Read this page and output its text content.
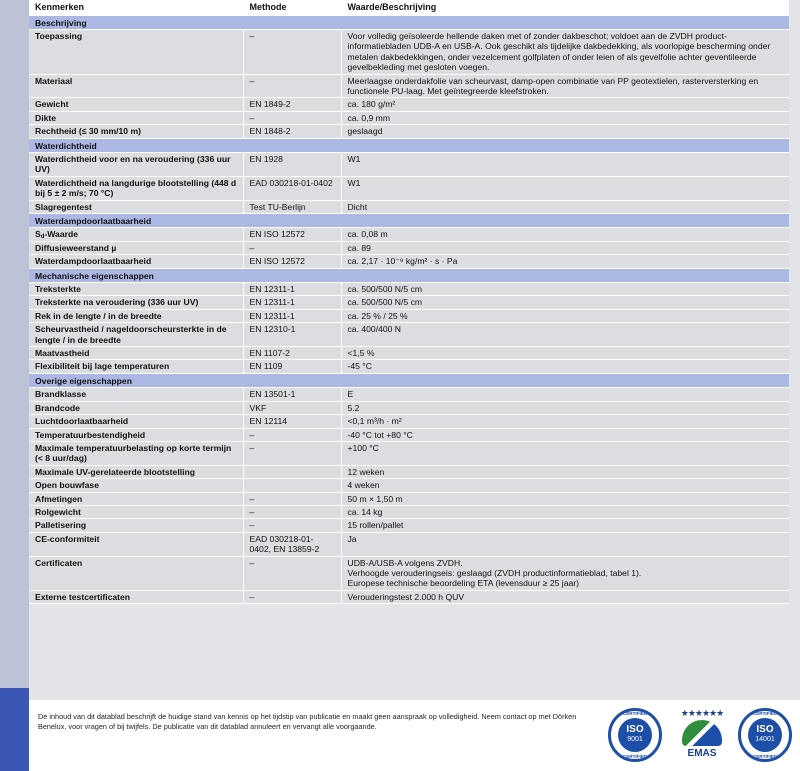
Kenmerken	Methode	Waarde/Beschrijving
Beschrijving		
Toepassing	–	Voor volledig geïsoleerde hellende daken met of zonder dakbeschot; voldoet aan de ZVDH product-informatiebladen UDB-A en USB-A. Ook geschikt als tijdelijke dakbedekking, als voorlopige bescherming onder metalen dakbedekkingen, onder vezelcement golfplaten of onder leien of als gevelfolie achter geventileerde gevelbekleding met gesloten voegen.
Materiaal	–	Meerlaagse onderdakfolie van scheurvast, damp-open combinatie van PP geotextielen, rasterversterking en functionele PU-laag. Met geïntegreerde kleefstroken.
Gewicht	EN 1849-2	ca. 180 g/m²
Dikte	–	ca. 0,9 mm
Rechtheid (≤ 30 mm/10 m)	EN 1848-2	geslaagd
Waterdichtheid		
Waterdichtheid voor en na veroudering (336 uur UV)	EN 1928	W1
Waterdichtheid na langdurige blootstelling (448 d bij 5 ± 2 m/s; 70 °C)	EAD 030218-01-0402	W1
Slagregentest	Test TU-Berlijn	Dicht
Waterdampdoorlaatbaarheid		
$S_d$-Waarde	EN ISO 12572	ca. 0,08 m
Diffusieweerstand µ	–	ca. 89
Waterdampdoorlaatbaarheid	EN ISO 12572	ca. 2,17 · 10⁻⁹ kg/m² · s · Pa
Mechanische eigenschappen		
Treksterkte	EN 12311-1	ca. 500/500 N/5 cm
Treksterkte na veroudering (336 uur UV)	EN 12311-1	ca. 500/500 N/5 cm
Rek in de lengte / in de breedte	EN 12311-1	ca. 25 % / 25 %
Scheurvastheid / nageldoorscheursterkte in de lengte / in de breedte	EN 12310-1	ca. 400/400 N
Maatvastheid	EN 1107-2	<1,5 %
Flexibiliteit bij lage temperaturen	EN 1109	-45 °C
Overige eigenschappen		
Brandklasse	EN 13501-1	E
Brandcode	VKF	5.2
Luchtdoorlaatbaarheid	EN 12114	<0,1 m³/h · m²
Temperatuurbestendigheid	–	-40 °C tot +80 °C
Maximale temperatuurbelasting op korte termijn (< 8 uur/dag)	–	+100 °C
Maximale UV-gerelateerde blootstelling		12 weken
Open bouwfase		4 weken
Afmetingen	–	50 m × 1,50 m
Rolgewicht	–	ca. 14 kg
Palletisering	–	15 rollen/pallet
CE-conformiteit	EAD 030218-01-0402, EN 13859-2	Ja
Certificaten	–	UDB-A/USB-A volgens ZVDH.
Verhoogde verouderingseis: geslaagd (ZVDH productinformatieblad, tabel 1).
Europese technische beoordeling ETA (levensduur ≥ 25 jaar)
Externe testcertificaten	–	Verouderingstest 2.000 h QUV
De inhoud van dit datablad beschrijft de huidige stand van kennis op het tijdstip van publicatie en maakt geen aanspraak op volledigheid. Neem contact op met Dörken Benelux, voor vragen of bij twijfels. De publicatie van dit datablad annuleert en vervangt alle voorgaande.
CERTIFIED
ISO
9001
CERTIFIED
★★★★★★
EMAS
CERTIFIED
ISO
14001
CERTIFIED
